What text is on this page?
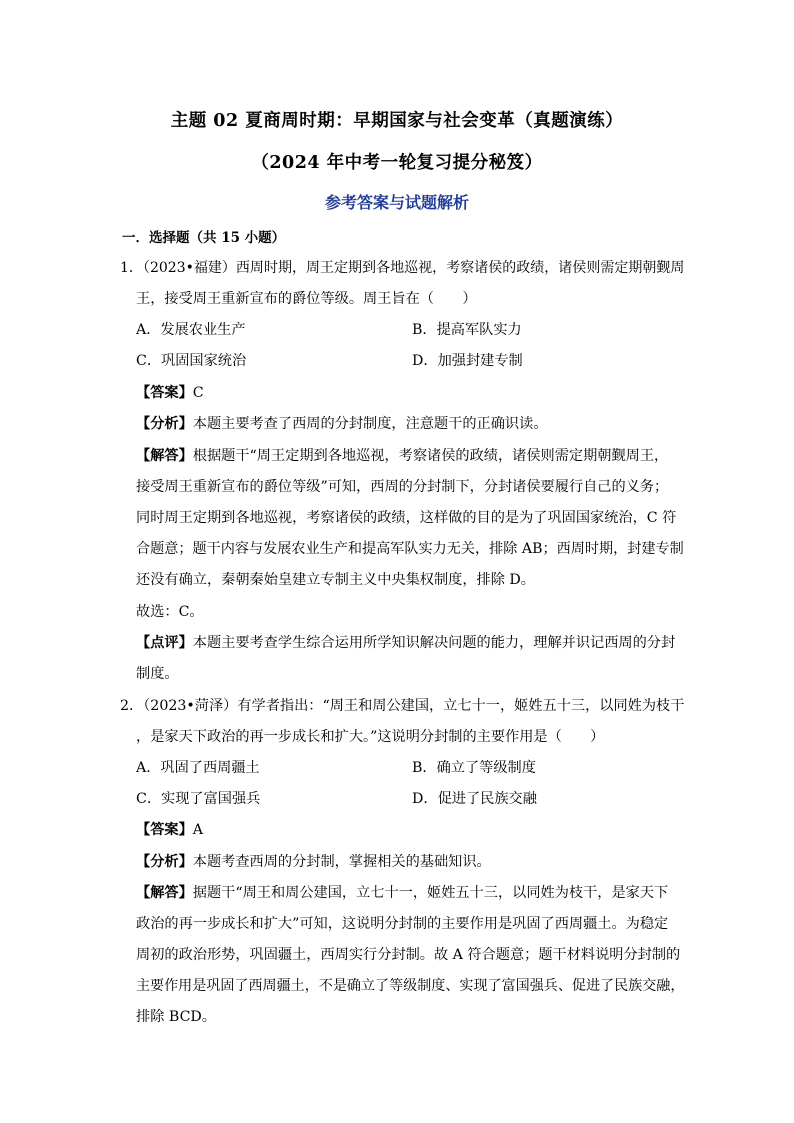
主题 02 夏商周时期：早期国家与社会变革（真题演练）
（2024 年中考一轮复习提分秘笈）
参考答案与试题解析
一．选择题（共 15 小题）
1．（2023•福建）西周时期，周王定期到各地巡视，考察诸侯的政绩，诸侯则需定期朝觐周
王，接受周王重新宣布的爵位等级。周王旨在（　　）
A．发展农业生产	B．提高军队实力
C．巩固国家统治	D．加强封建专制
【答案】C
【分析】本题主要考查了西周的分封制度，注意题干的正确识读。
【解答】根据题干“周王定期到各地巡视，考察诸侯的政绩，诸侯则需定期朝觐周王，
接受周王重新宣布的爵位等级”可知，西周的分封制下，分封诸侯要履行自己的义务；
同时周王定期到各地巡视，考察诸侯的政绩，这样做的目的是为了巩固国家统治，C 符
合题意；题干内容与发展农业生产和提高军队实力无关，排除 AB；西周时期，封建专制
还没有确立，秦朝秦始皇建立专制主义中央集权制度，排除 D。
故选：C。
【点评】本题主要考查学生综合运用所学知识解决问题的能力，理解并识记西周的分封
制度。
2．（2023•菏泽）有学者指出：“周王和周公建国，立七十一，姬姓五十三，以同姓为枝干
，是家天下政治的再一步成长和扩大。”这说明分封制的主要作用是（　　）
A．巩固了西周疆土	B．确立了等级制度
C．实现了富国强兵	D．促进了民族交融
【答案】A
【分析】本题考查西周的分封制，掌握相关的基础知识。
【解答】据题干“周王和周公建国，立七十一，姬姓五十三，以同姓为枝干，是家天下
政治的再一步成长和扩大”可知，这说明分封制的主要作用是巩固了西周疆土。为稳定
周初的政治形势，巩固疆土，西周实行分封制。故 A 符合题意；题干材料说明分封制的
主要作用是巩固了西周疆土，不是确立了等级制度、实现了富国强兵、促进了民族交融，
排除 BCD。
